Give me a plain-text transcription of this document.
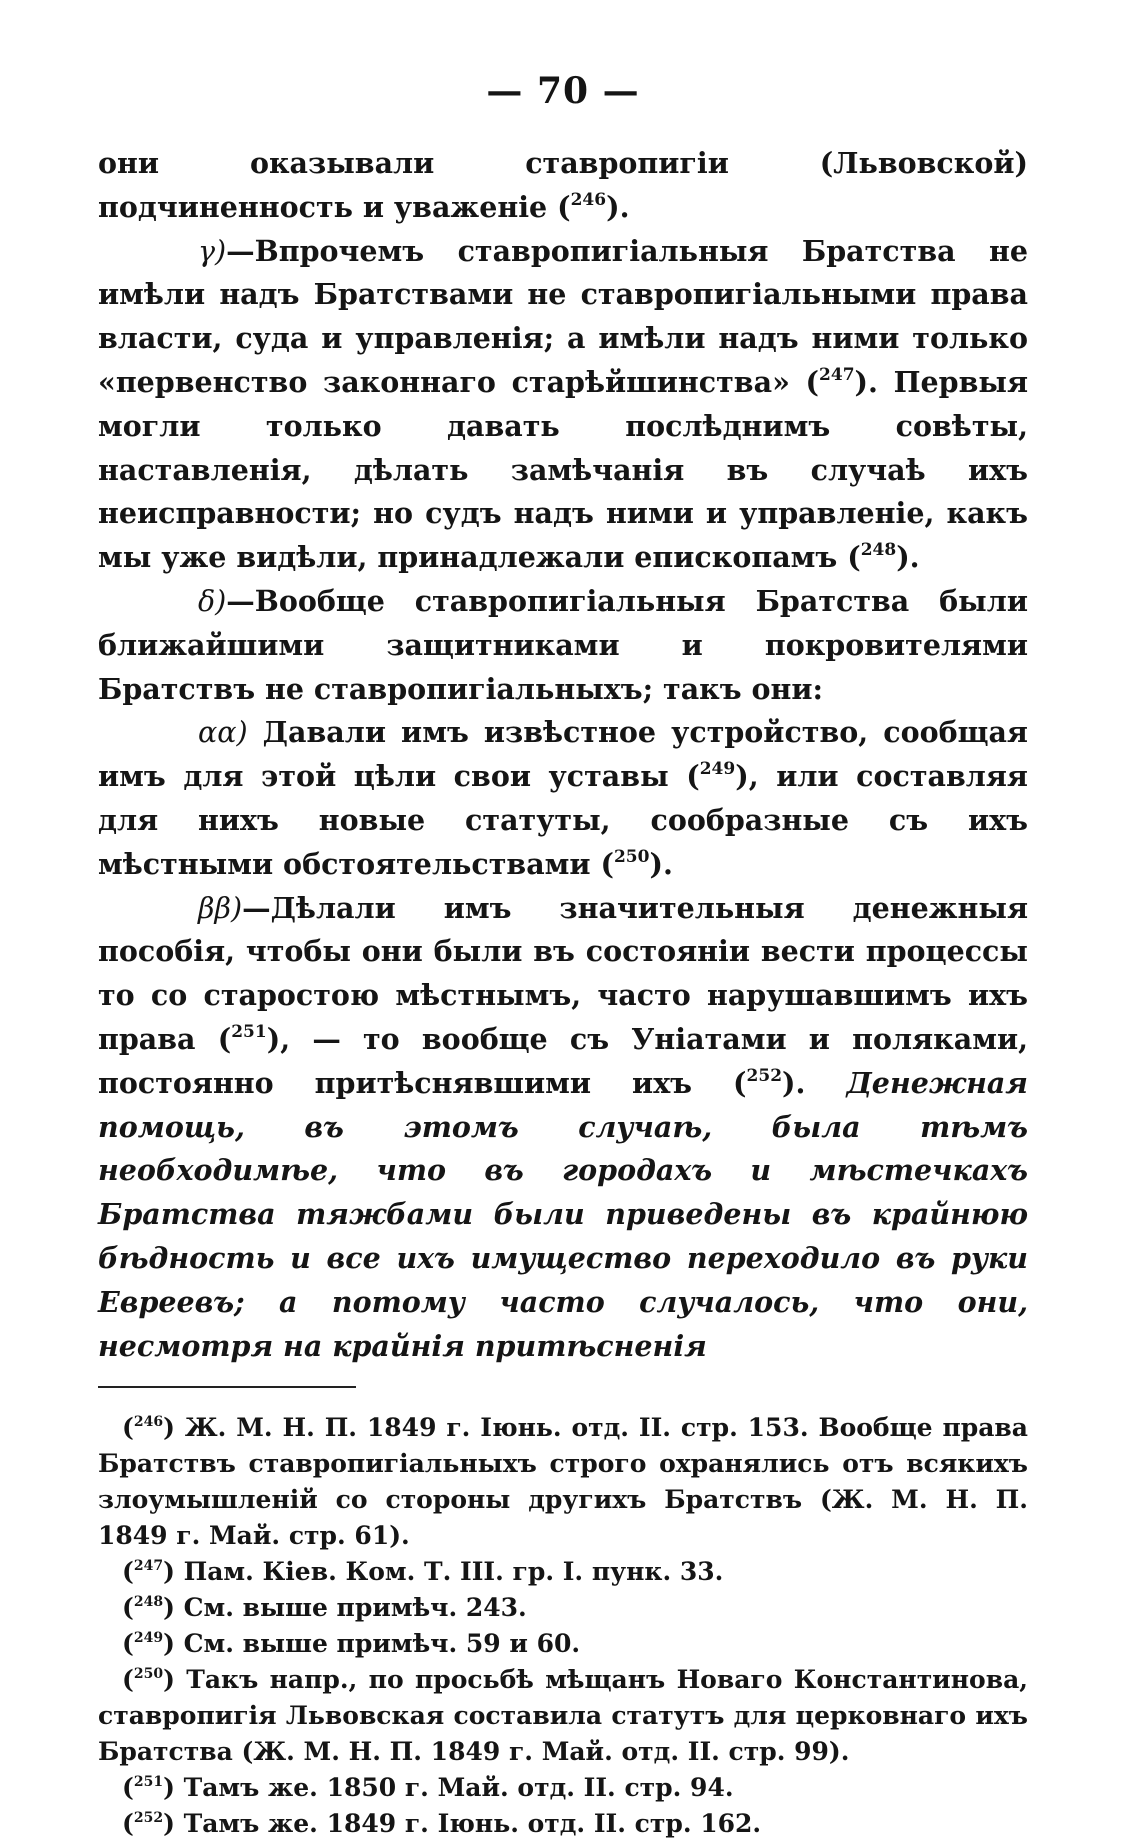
— 70 —

они оказывали ставропигіи (Львовской) подчиненность и уваженіе ($^{246}$).

γ)—Впрочемъ ставропигіальныя Братства не имѣли надъ Братствами не ставропигіальными права власти, суда и управленія; а имѣли надъ ними только «первенство законнаго старѣйшинства» ($^{247}$). Первыя могли только давать послѣднимъ совѣты, наставленія, дѣлать замѣчанія въ случаѣ ихъ неисправности; но судъ надъ ними и управленіе, какъ мы уже видѣли, принадлежали епископамъ ($^{248}$).

δ)—Вообще ставропигіальныя Братства были ближайшими защитниками и покровителями Братствъ не ставропигіальныхъ; такъ они:

αα) Давали имъ извѣстное устройство, сообщая имъ для этой цѣли свои уставы ($^{249}$), или составляя для нихъ новые статуты, сообразные съ ихъ мѣстными обстоятельствами ($^{250}$).

ββ)—Дѣлали имъ значительныя денежныя пособія, чтобы они были въ состояніи вести процессы то со старостою мѣстнымъ, часто нарушавшимъ ихъ права ($^{251}$), — то вообще съ Уніатами и поляками, постоянно притѣснявшими ихъ ($^{252}$). Денежная помощь, въ этомъ случаѣ, была тѣмъ необходимѣе, что въ городахъ и мѣстечкахъ Братства тяжбами были приведены въ крайнюю бѣдность и все ихъ имущество переходило въ руки Евреевъ; а потому часто случалось, что они, несмотря на крайнія притѣсненія

($^{246}$) Ж. М. Н. П. 1849 г. Іюнь. отд. II. стр. 153. Вообще права Братствъ ставропигіальныхъ строго охранялись отъ всякихъ злоумышленій со стороны другихъ Братствъ (Ж. М. Н. П. 1849 г. Май. стр. 61).

($^{247}$) Пам. Кіев. Ком. Т. III. гр. I. пунк. 33.

($^{248}$) См. выше примѣч. 243.

($^{249}$) См. выше примѣч. 59 и 60.

($^{250}$) Такъ напр., по просьбѣ мѣщанъ Новаго Константинова, ставропигія Львовская составила статутъ для церковнаго ихъ Братства (Ж. М. Н. П. 1849 г. Май. отд. II. стр. 99).

($^{251}$) Тамъ же. 1850 г. Май. отд. II. стр. 94.

($^{252}$) Тамъ же. 1849 г. Іюнь. отд. II. стр. 162.
